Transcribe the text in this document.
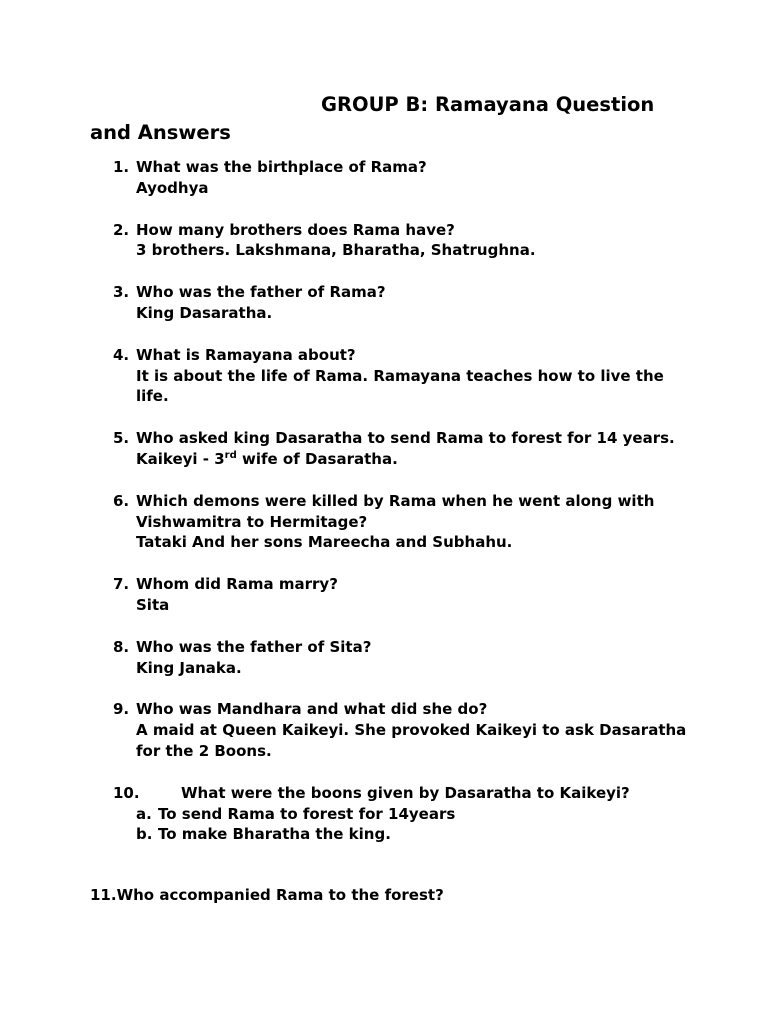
GROUP B: Ramayana Question
and Answers
1. What was the birthplace of Rama?
Ayodhya
2. How many brothers does Rama have?
3 brothers. Lakshmana, Bharatha, Shatrughna.
3. Who was the father of Rama?
King Dasaratha.
4. What is Ramayana about?
It is about the life of Rama. Ramayana teaches how to live the life.
5. Who asked king Dasaratha to send Rama to forest for 14 years.
Kaikeyi - 3rd wife of Dasaratha.
6. Which demons were killed by Rama when he went along with Vishwamitra to Hermitage?
Tataki And her sons Mareecha and Subhahu.
7. Whom did Rama marry?
Sita
8. Who was the father of Sita?
King Janaka.
9. Who was Mandhara and what did she do?
A maid at Queen Kaikeyi. She provoked Kaikeyi to ask Dasaratha for the 2 Boons.
10.	What were the boons given by Dasaratha to Kaikeyi?
a. To send Rama to forest for 14years
b. To make Bharatha the king.
11.Who accompanied Rama to the forest?
